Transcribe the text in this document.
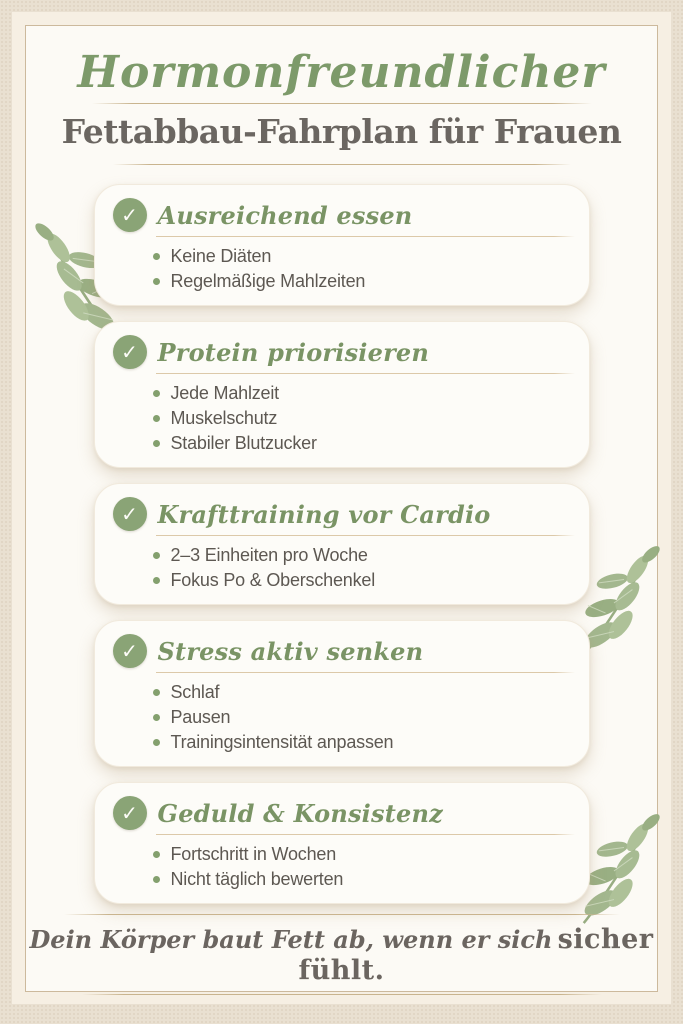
Hormonfreundlicher
Fettabbau-Fahrplan für Frauen
✓ Ausreichend essen
Keine Diäten
Regelmäßige Mahlzeiten
✓ Protein priorisieren
Jede Mahlzeit
Muskelschutz
Stabiler Blutzucker
✓ Krafttraining vor Cardio
2–3 Einheiten pro Woche
Fokus Po & Oberschenkel
✓ Stress aktiv senken
Schlaf
Pausen
Trainingsintensität anpassen
✓ Geduld & Konsistenz
Fortschritt in Wochen
Nicht täglich bewerten
Dein Körper baut Fett ab, wenn er sich sicher fühlt.
